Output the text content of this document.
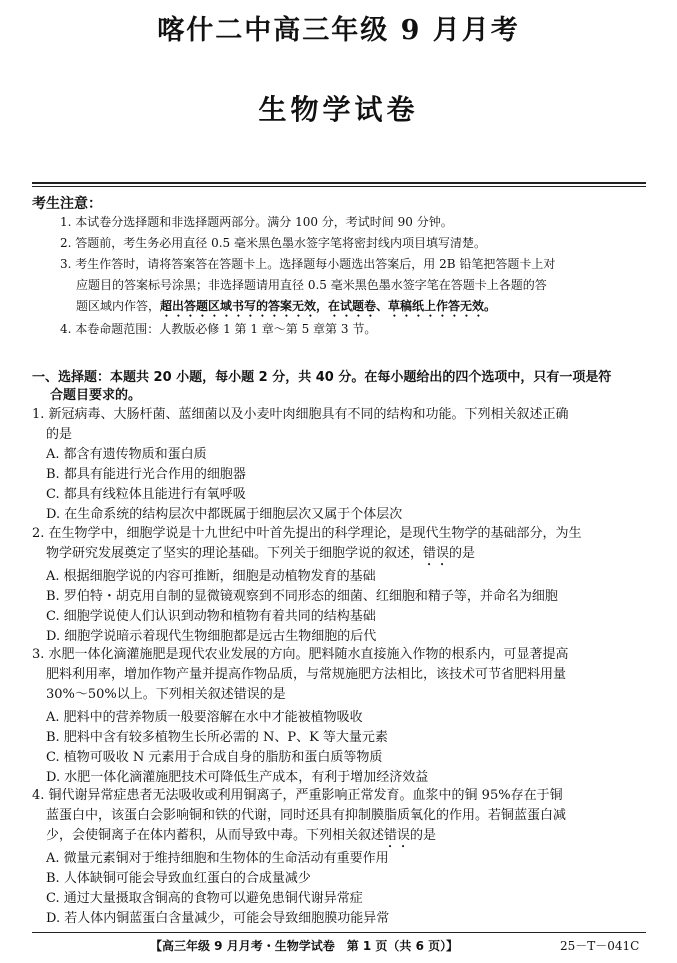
喀什二中高三年级 9 月月考
生物学试卷
考生注意：
1. 本试卷分选择题和非选择题两部分。满分 100 分，考试时间 90 分钟。
2. 答题前，考生务必用直径 0.5 毫米黑色墨水签字笔将密封线内项目填写清楚。
3. 考生作答时，请将答案答在答题卡上。选择题每小题选出答案后，用 2B 铅笔把答题卡上对
应题目的答案标号涂黑；非选择题请用直径 0.5 毫米黑色墨水签字笔在答题卡上各题的答
题区域内作答，超出答题区域书写的答案无效，在试题卷、草稿纸上作答无效。
4. 本卷命题范围：人教版必修 1 第 1 章～第 5 章第 3 节。
一、选择题：本题共 20 小题，每小题 2 分，共 40 分。在每小题给出的四个选项中，只有一项是符
合题目要求的。
1. 新冠病毒、大肠杆菌、蓝细菌以及小麦叶肉细胞具有不同的结构和功能。下列相关叙述正确
的是
A. 都含有遗传物质和蛋白质
B. 都具有能进行光合作用的细胞器
C. 都具有线粒体且能进行有氧呼吸
D. 在生命系统的结构层次中都既属于细胞层次又属于个体层次
2. 在生物学中，细胞学说是十九世纪中叶首先提出的科学理论，是现代生物学的基础部分，为生
物学研究发展奠定了坚实的理论基础。下列关于细胞学说的叙述，错误的是
A. 根据细胞学说的内容可推断，细胞是动植物发育的基础
B. 罗伯特・胡克用自制的显微镜观察到不同形态的细菌、红细胞和精子等，并命名为细胞
C. 细胞学说使人们认识到动物和植物有着共同的结构基础
D. 细胞学说暗示着现代生物细胞都是远古生物细胞的后代
3. 水肥一体化滴灌施肥是现代农业发展的方向。肥料随水直接施入作物的根系内，可显著提高
肥料利用率，增加作物产量并提高作物品质，与常规施肥方法相比，该技术可节省肥料用量
30%～50%以上。下列相关叙述错误的是
A. 肥料中的营养物质一般要溶解在水中才能被植物吸收
B. 肥料中含有较多植物生长所必需的 N、P、K 等大量元素
C. 植物可吸收 N 元素用于合成自身的脂肪和蛋白质等物质
D. 水肥一体化滴灌施肥技术可降低生产成本，有利于增加经济效益
4. 铜代谢异常症患者无法吸收或利用铜离子，严重影响正常发育。血浆中的铜 95%存在于铜
蓝蛋白中，该蛋白会影响铜和铁的代谢，同时还具有抑制膜脂质氧化的作用。若铜蓝蛋白减
少，会使铜离子在体内蓄积，从而导致中毒。下列相关叙述错误的是
A. 微量元素铜对于维持细胞和生物体的生命活动有重要作用
B. 人体缺铜可能会导致血红蛋白的合成量减少
C. 通过大量摄取含铜高的食物可以避免患铜代谢异常症
D. 若人体内铜蓝蛋白含量减少，可能会导致细胞膜功能异常
【高三年级 9 月月考・生物学试卷　第 1 页（共 6 页）】	25－T－041C
